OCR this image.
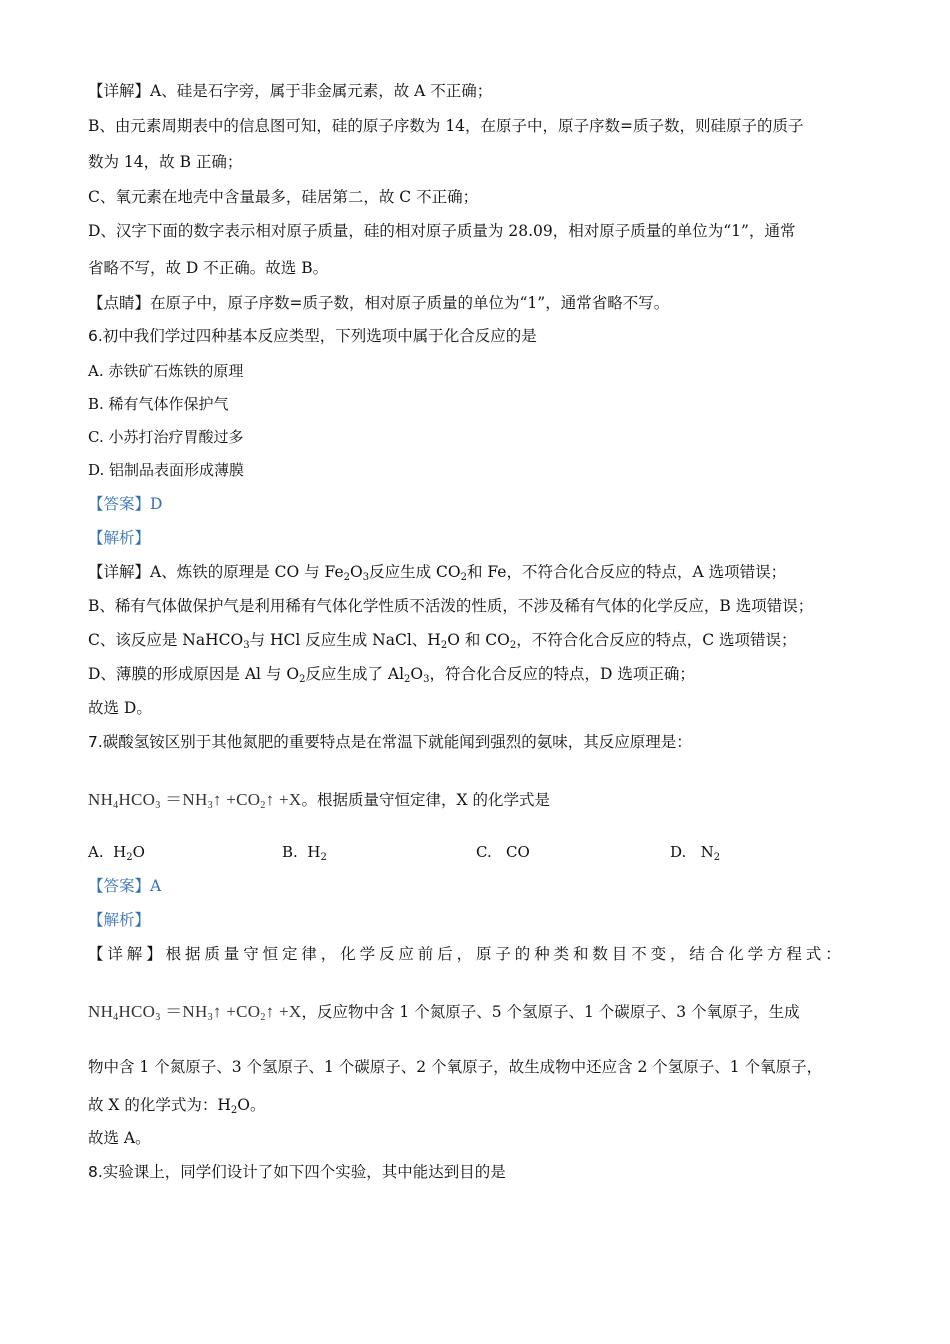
【详解】A、硅是石字旁，属于非金属元素，故 A 不正确；
B、由元素周期表中的信息图可知，硅的原子序数为 14，在原子中，原子序数=质子数，则硅原子的质子
数为 14，故 B 正确；
C、氧元素在地壳中含量最多，硅居第二，故 C 不正确；
D、汉字下面的数字表示相对原子质量，硅的相对原子质量为 28.09，相对原子质量的单位为“1”，通常
省略不写，故 D 不正确。故选 B。
【点睛】在原子中，原子序数=质子数，相对原子质量的单位为“1”，通常省略不写。
6.初中我们学过四种基本反应类型，下列选项中属于化合反应的是
A. 赤铁矿石炼铁的原理
B. 稀有气体作保护气
C. 小苏打治疗胃酸过多
D. 铝制品表面形成薄膜
【答案】D
【解析】
【详解】A、炼铁的原理是 CO 与 $Fe_2O_3$反应生成 $CO_2$和 Fe，不符合化合反应的特点，A 选项错误；
B、稀有气体做保护气是利用稀有气体化学性质不活泼的性质，不涉及稀有气体的化学反应，B 选项错误；
C、该反应是 NaHCO$_3$与 HCl 反应生成 NaCl、$H_2O$ 和 $CO_2$，不符合化合反应的特点，C 选项错误；
D、薄膜的形成原因是 Al 与 $O_2$反应生成了 $Al_2O_3$，符合化合反应的特点，D 选项正确；
故选 D。
7.碳酸氢铵区别于其他氮肥的重要特点是在常温下就能闻到强烈的氨味，其反应原理是：
$NH_4HCO_3$ $=NH_3↑$ $+CO_2↑ +X$。根据质量守恒定律，X 的化学式是
A. $H_2O$	B. $H_2$	C. CO	D. $N_2$
【答案】A
【解析】
【详解】根据质量守恒定律，化学反应前后，原子的种类和数目不变，结合化学方程式：
$NH_4HCO_3$ $=NH_3↑$ $+CO_2↑ +X$，反应物中含 1 个氮原子、5 个氢原子、1 个碳原子、3 个氧原子，生成
物中含 1 个氮原子、3 个氢原子、1 个碳原子、2 个氧原子，故生成物中还应含 2 个氢原子、1 个氧原子，
故 X 的化学式为：$H_2O$。
故选 A。
8.实验课上，同学们设计了如下四个实验，其中能达到目的是
